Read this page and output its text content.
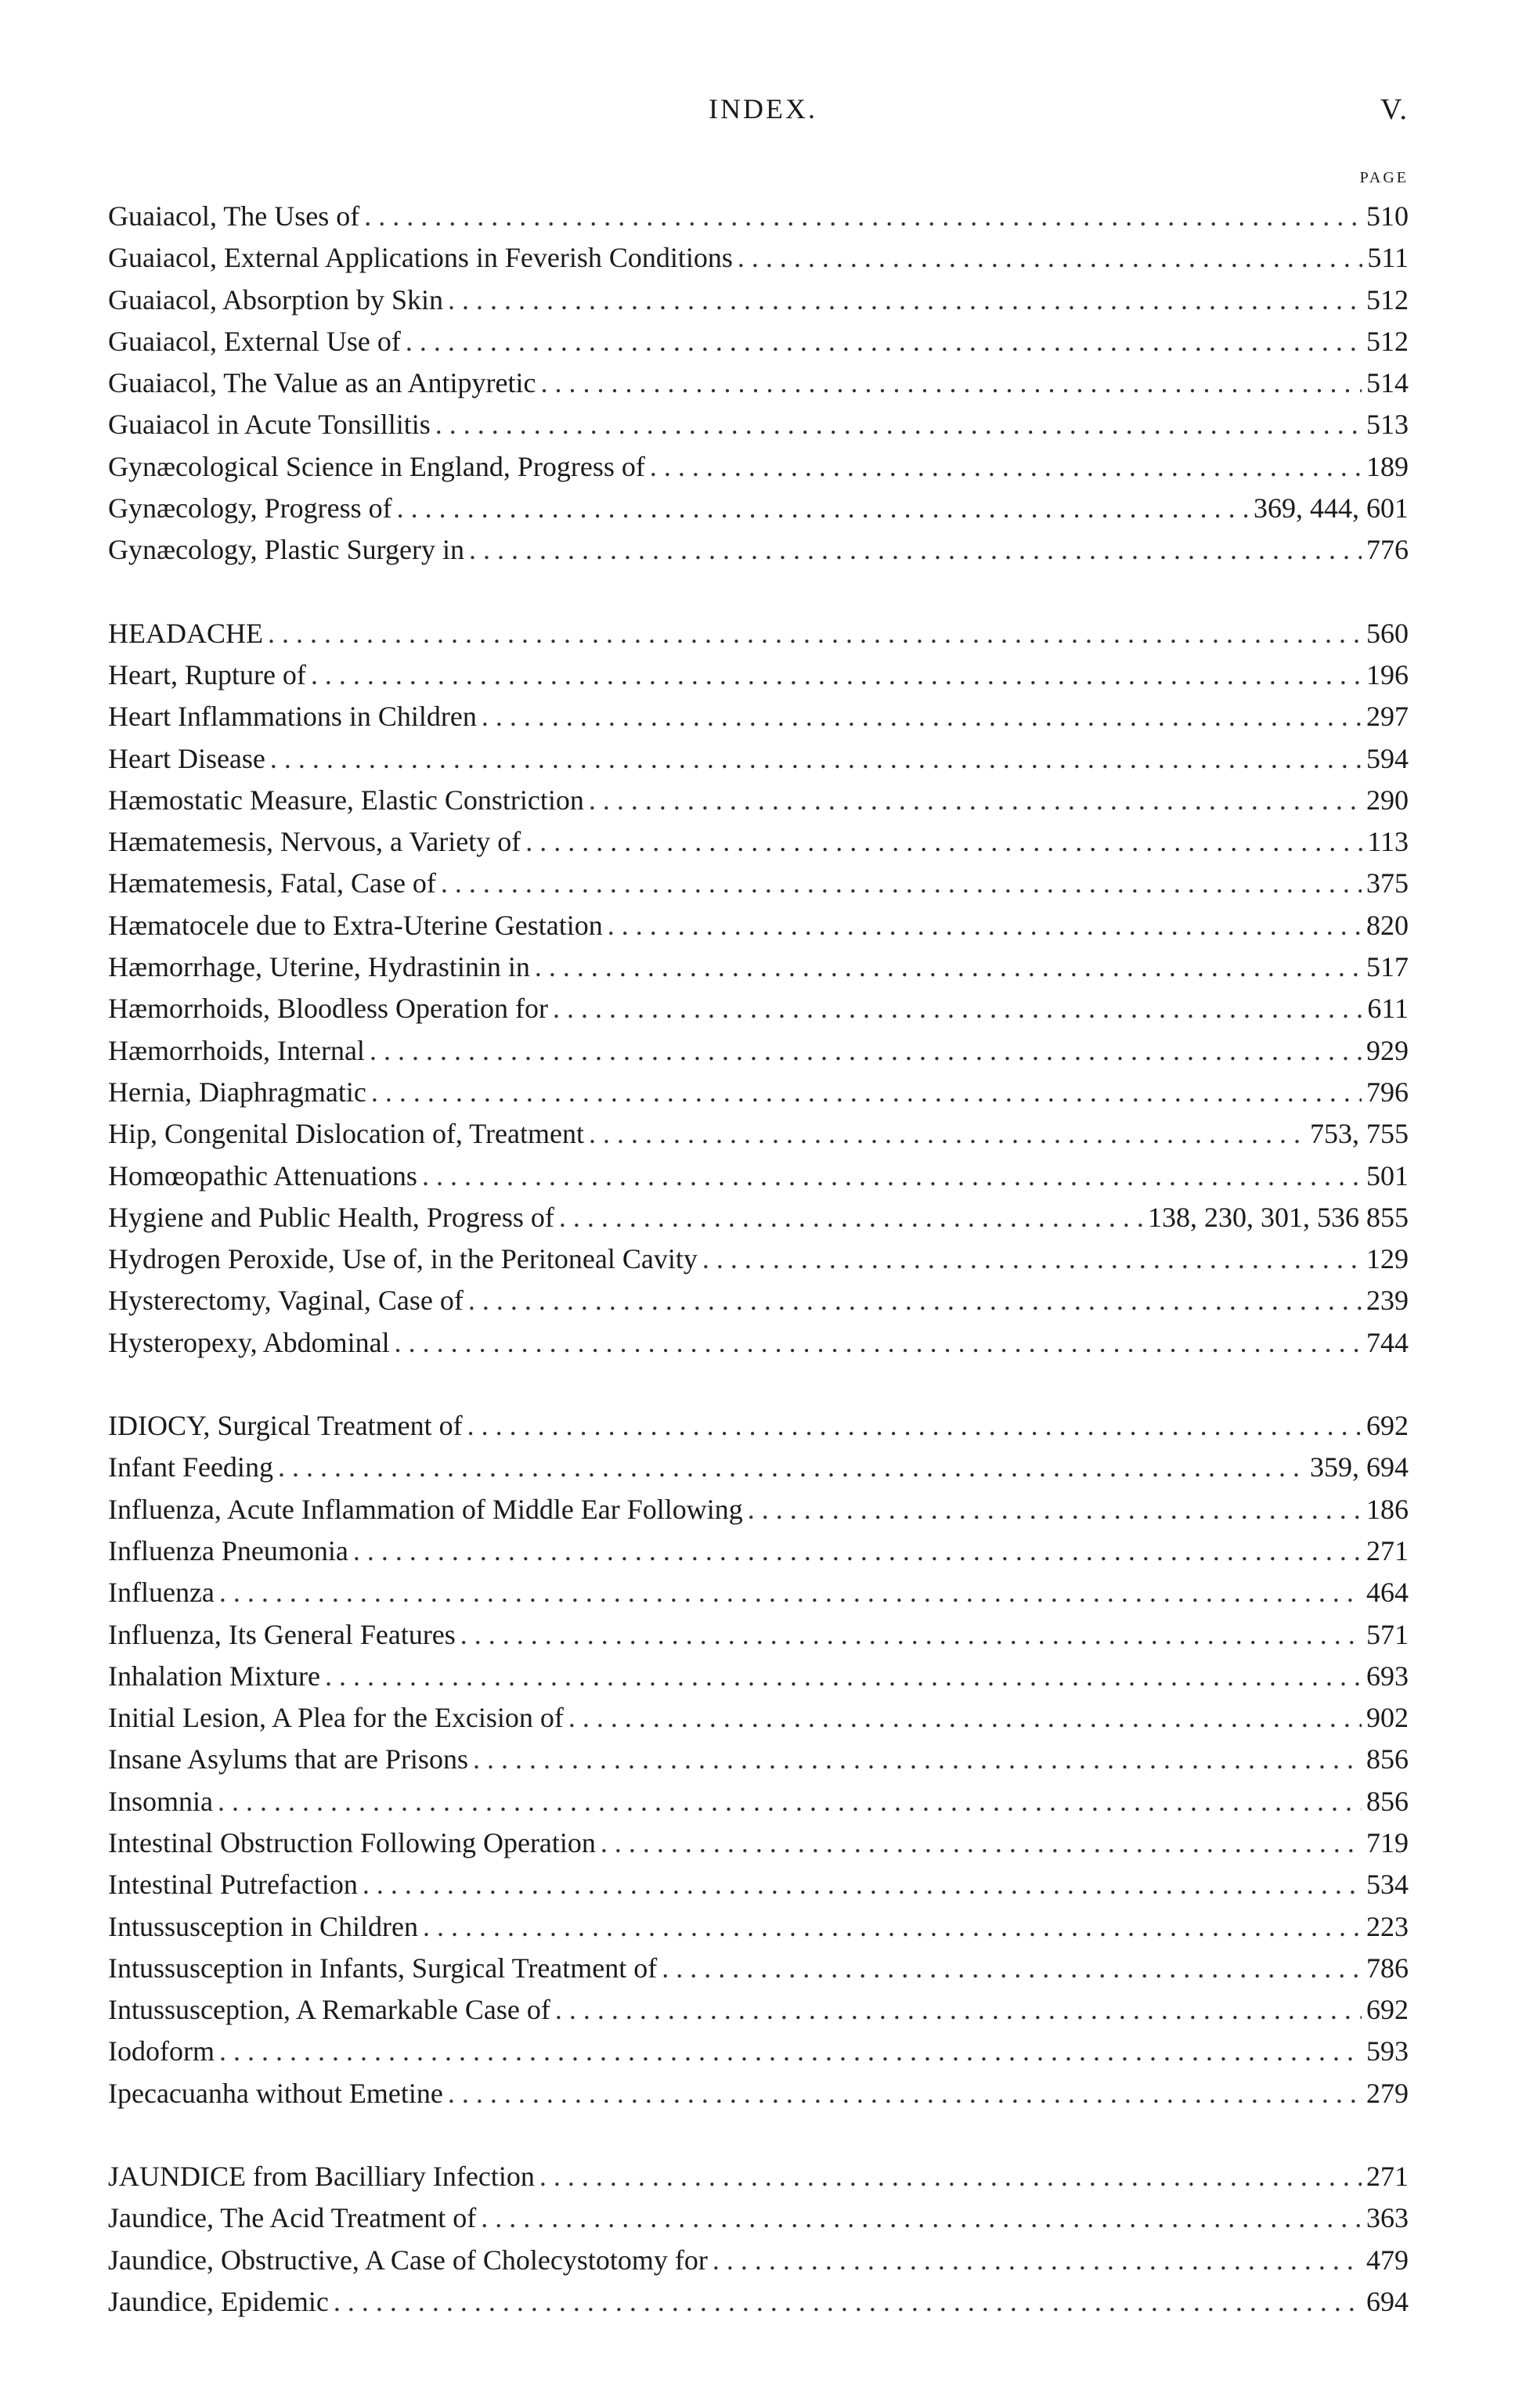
INDEX.	V.
PAGE
Guaiacol, The Uses of . . .	510
Guaiacol, External Applications in Feverish Conditions . . .	511
Guaiacol, Absorption by Skin . . .	512
Guaiacol, External Use of . . .	512
Guaiacol, The Value as an Antipyretic . . .	514
Guaiacol in Acute Tonsillitis . . .	513
Gynæcological Science in England, Progress of . . .	189
Gynæcology, Progress of . . .	369, 444, 601
Gynæcology, Plastic Surgery in . . .	776
HEADACHE . . .	560
Heart, Rupture of . . .	196
Heart Inflammations in Children . . .	297
Heart Disease . . .	594
Hæmostatic Measure, Elastic Constriction . . .	290
Hæmatemesis, Nervous, a Variety of . . .	113
Hæmatemesis, Fatal, Case of . . .	375
Hæmatocele due to Extra-Uterine Gestation . . .	820
Hæmorrhage, Uterine, Hydrastinin in . . .	517
Hæmorrhoids, Bloodless Operation for . . .	611
Hæmorrhoids, Internal . . .	929
Hernia, Diaphragmatic . . .	796
Hip, Congenital Dislocation of, Treatment . . .	753, 755
Homœopathic Attenuations . . .	501
Hygiene and Public Health, Progress of . . .	138, 230, 301, 536 855
Hydrogen Peroxide, Use of, in the Peritoneal Cavity . . .	129
Hysterectomy, Vaginal, Case of . . .	239
Hysteropexy, Abdominal . . .	744
IDIOCY, Surgical Treatment of . . .	692
Infant Feeding . . .	359, 694
Influenza, Acute Inflammation of Middle Ear Following . . .	186
Influenza Pneumonia . . .	271
Influenza . . .	464
Influenza, Its General Features . . .	571
Inhalation Mixture . . .	693
Initial Lesion, A Plea for the Excision of . . .	902
Insane Asylums that are Prisons . . .	856
Insomnia . . .	856
Intestinal Obstruction Following Operation . . .	719
Intestinal Putrefaction . . .	534
Intussusception in Children . . .	223
Intussusception in Infants, Surgical Treatment of . . .	786
Intussusception, A Remarkable Case of . . .	692
Iodoform . . .	593
Ipecacuanha without Emetine . . .	279
JAUNDICE from Bacilliary Infection . . .	271
Jaundice, The Acid Treatment of . . .	363
Jaundice, Obstructive, A Case of Cholecystotomy for . . .	479
Jaundice, Epidemic . . .	694
